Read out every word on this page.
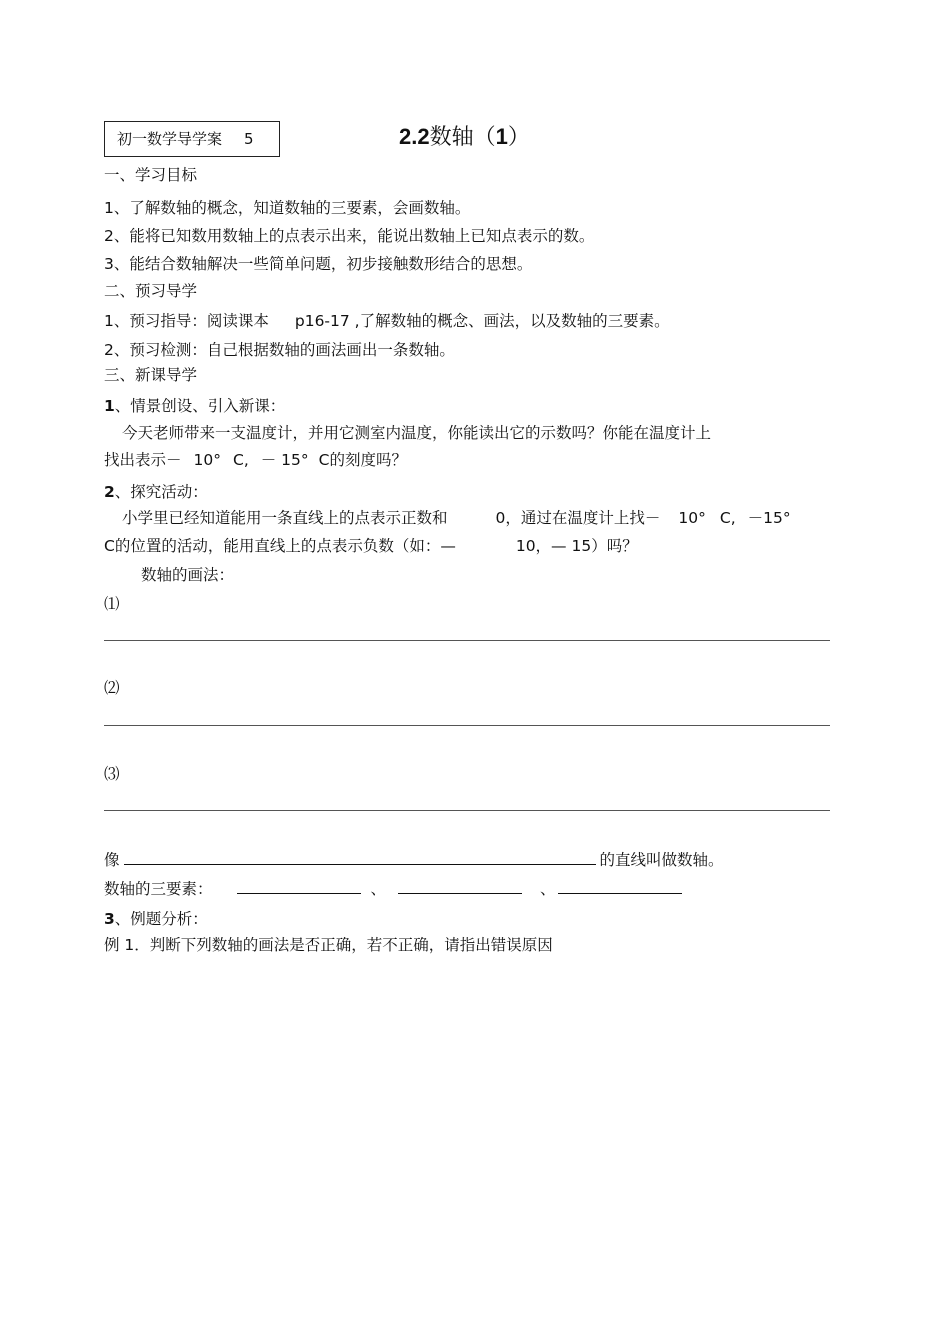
初一数学导学案 5	2.2数轴（1）
一、学习目标
1、了解数轴的概念，知道数轴的三要素，会画数轴。
2、能将已知数用数轴上的点表示出来，能说出数轴上已知点表示的数。
3、能结合数轴解决一些简单问题，初步接触数形结合的思想。
二、预习导学
1、预习指导：阅读课本 p16-17 ,了解数轴的概念、画法，以及数轴的三要素。
2、预习检测：自己根据数轴的画法画出一条数轴。
三、新课导学
1、情景创设、引入新课：
今天老师带来一支温度计，并用它测室内温度，你能读出它的示数吗？你能在温度计上
找出表示－ 10° C, － 15° C的刻度吗？
2、探究活动：
小学里已经知道能用一条直线上的点表示正数和	0，通过在温度计上找－ 10° C, －15°
C的位置的活动，能用直线上的点表示负数（如：—	10，— 15）吗？
数轴的画法：
⑴
⑵
⑶
像	的直线叫做数轴。
数轴的三要素：	、	、
3、例题分析：
例 1．判断下列数轴的画法是否正确，若不正确，请指出错误原因
